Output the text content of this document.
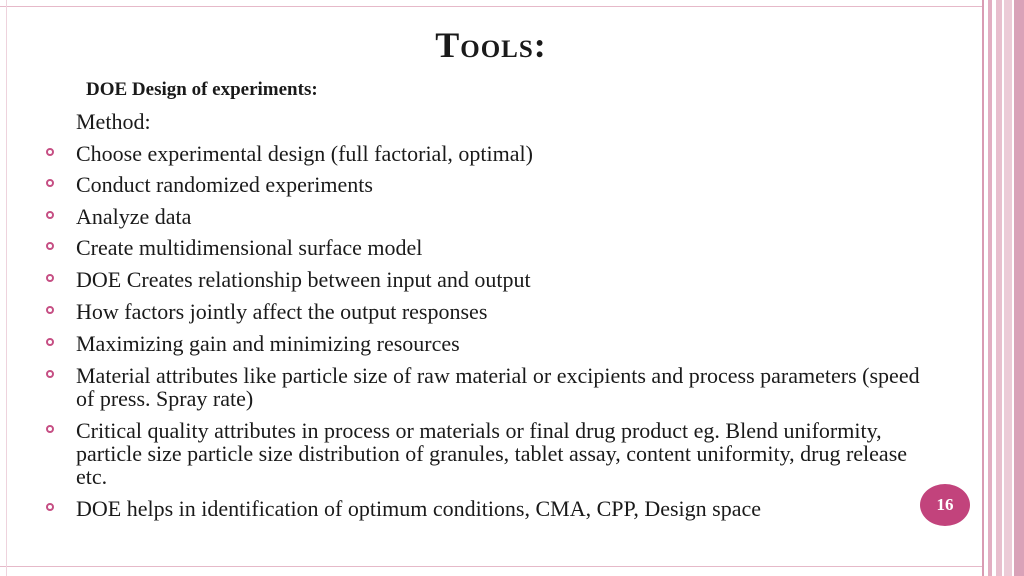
Tools:
DOE Design of experiments:
Method:
Choose experimental design (full factorial, optimal)
Conduct randomized experiments
Analyze data
Create multidimensional surface model
DOE Creates relationship between input and output
How factors jointly affect the output responses
Maximizing gain and minimizing resources
Material attributes like particle size of raw material or excipients and process parameters (speed of press. Spray rate)
Critical quality attributes in process or materials or final drug product eg. Blend uniformity, particle size particle size distribution of granules, tablet assay, content uniformity, drug release etc.
DOE helps in identification of optimum conditions, CMA, CPP, Design space	16
